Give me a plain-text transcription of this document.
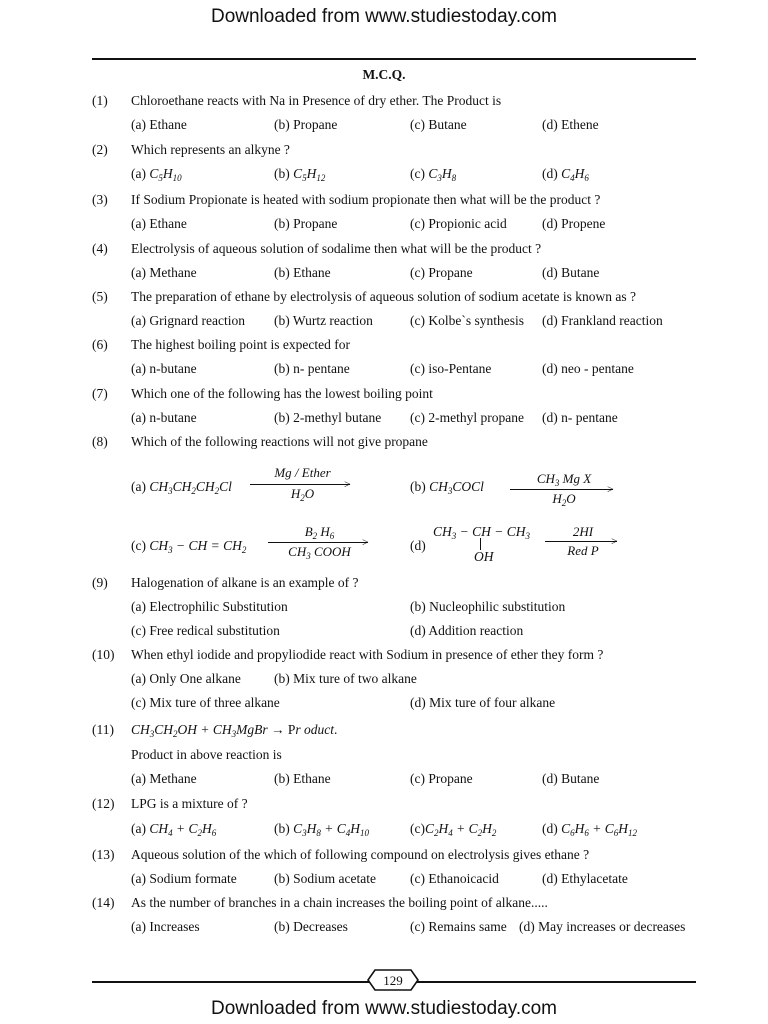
Downloaded from www.studiestoday.com
M.C.Q.
(1) Chloroethane reacts with Na in Presence of dry ether. The Product is
(a) Ethane	(b) Propane	(c) Butane	(d) Ethene
(2) Which represents an alkyne ?
(a) $C_5H_{10}$	(b) $C_5H_{12}$	(c) $C_3H_8$	(d) $C_4H_6$
(3) If Sodium Propionate is heated with sodium propionate then what will be the product ?
(a) Ethane	(b) Propane	(c) Propionic acid	(d) Propene
(4) Electrolysis of aqueous solution of sodalime then what will be the product ?
(a) Methane	(b) Ethane	(c) Propane	(d) Butane
(5) The preparation of ethane by electrolysis of aqueous solution of sodium acetate is known as ?
(a) Grignard reaction (b) Wurtz reaction	(c) Kolbe`s synthesis (d) Frankland reaction
(6) The highest boiling point is expected for
(a) n-butane	(b) n- pentane	(c) iso-Pentane	(d) neo - pentane
(7) Which one of the following has the lowest boiling point
(a) n-butane	(b) 2-methyl butane (c) 2-methyl propane (d) n- pentane
(8) Which of the following reactions will not give propane
(a) $CH_3CH_2CH_2Cl$
Mg / Ether
>
$H_2O$	(b) $CH_3COCl$
$CH_3$ Mg X
>
$H_2O$
(c) $CH_3$ − CH = $CH_2$
$B_2$ $H_6$	>
$CH_3$ COOH	(d)
$CH_3$ − CH − $CH_3$
OH
2HI
>
Red P
(9) Halogenation of alkane is an example of ?
(a) Electrophilic Substitution	(b) Nucleophilic substitution
(c) Free redical substitution	(d) Addition reaction
(10) When ethyl iodide and propyliodide react with Sodium in presence of ether they form ?
(a) Only One alkane (b) Mix ture of two alkane
(c) Mix ture of three alkane	(d) Mix ture of four alkane
(11) $CH_3CH_2OH$ + $CH_3MgBr \to Pr$ oduct.
Product in above reaction is
(a) Methane	(b) Ethane	(c) Propane	(d) Butane
(12) LPG is a mixture of ?
(a) $CH_4 + C_2H_6$	(b) $C_3H_8 + C_4H_{10}$	$(c)C_2H_4 + C_2H_2$	(d) $C_6H_6 + C_6H_{12}$
(13) Aqueous solution of the which of following compound on electrolysis gives ethane ?
(a) Sodium formate	(b) Sodium acetate	(c) Ethanoicacid	(d) Ethylacetate
(14) As the number of branches in a chain increases the boiling point of alkane.....
(a) Increases	(b) Decreases	(c) Remains same (d) May increases or decreases
129
Downloaded from www.studiestoday.com
